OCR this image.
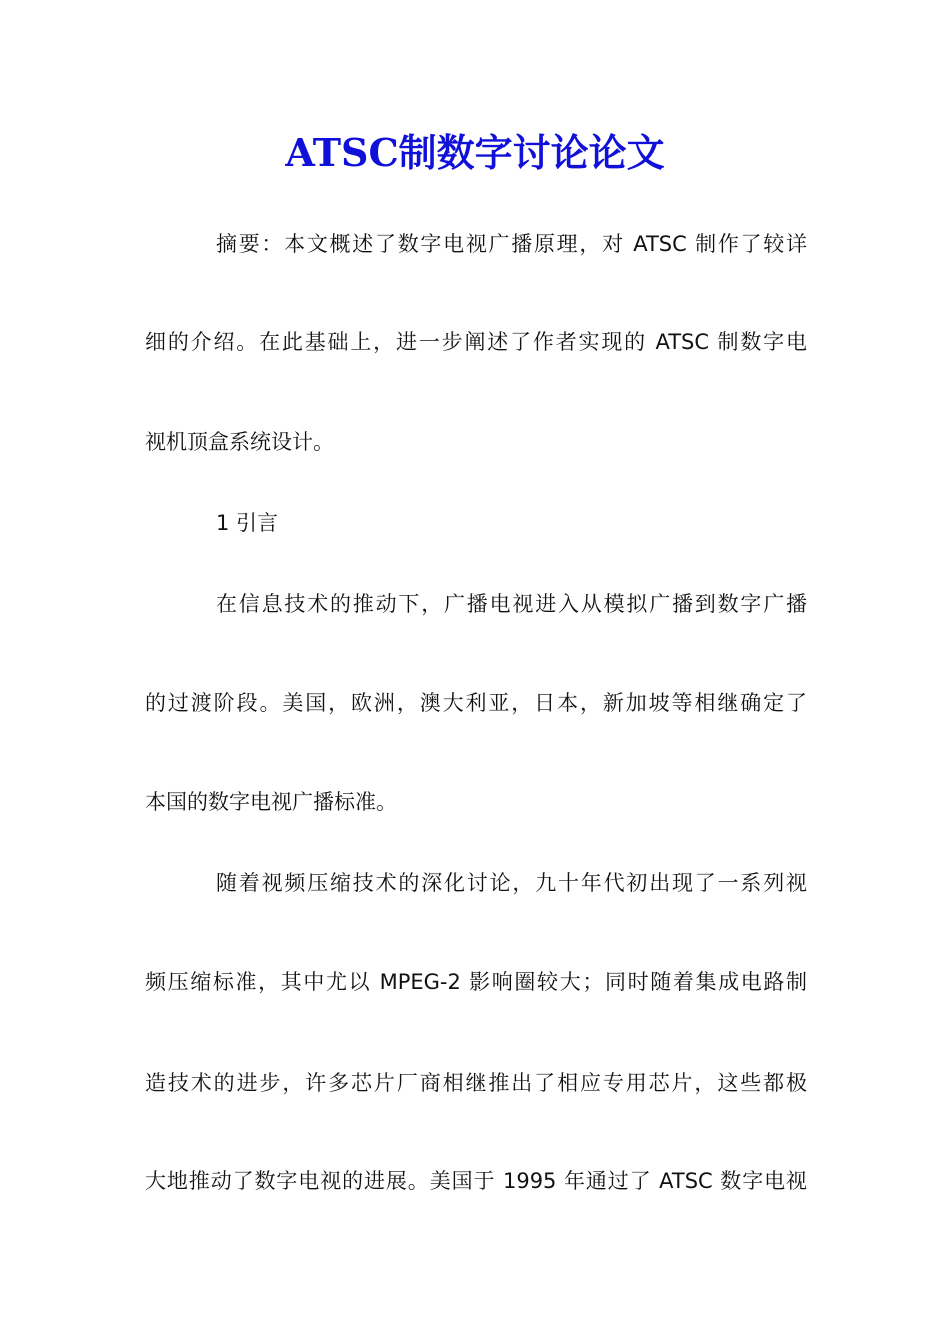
ATSC制数字讨论论文
摘要：本文概述了数字电视广播原理，对 ATSC 制作了较详
细的介绍。在此基础上，进一步阐述了作者实现的 ATSC 制数字电
视机顶盒系统设计。
1 引言
在信息技术的推动下，广播电视进入从模拟广播到数字广播
的过渡阶段。美国，欧洲，澳大利亚，日本，新加坡等相继确定了
本国的数字电视广播标准。
随着视频压缩技术的深化讨论，九十年代初出现了一系列视
频压缩标准，其中尤以 MPEG-2 影响圈较大；同时随着集成电路制
造技术的进步，许多芯片厂商相继推出了相应专用芯片，这些都极
大地推动了数字电视的进展。美国于 1995 年通过了 ATSC 数字电视
